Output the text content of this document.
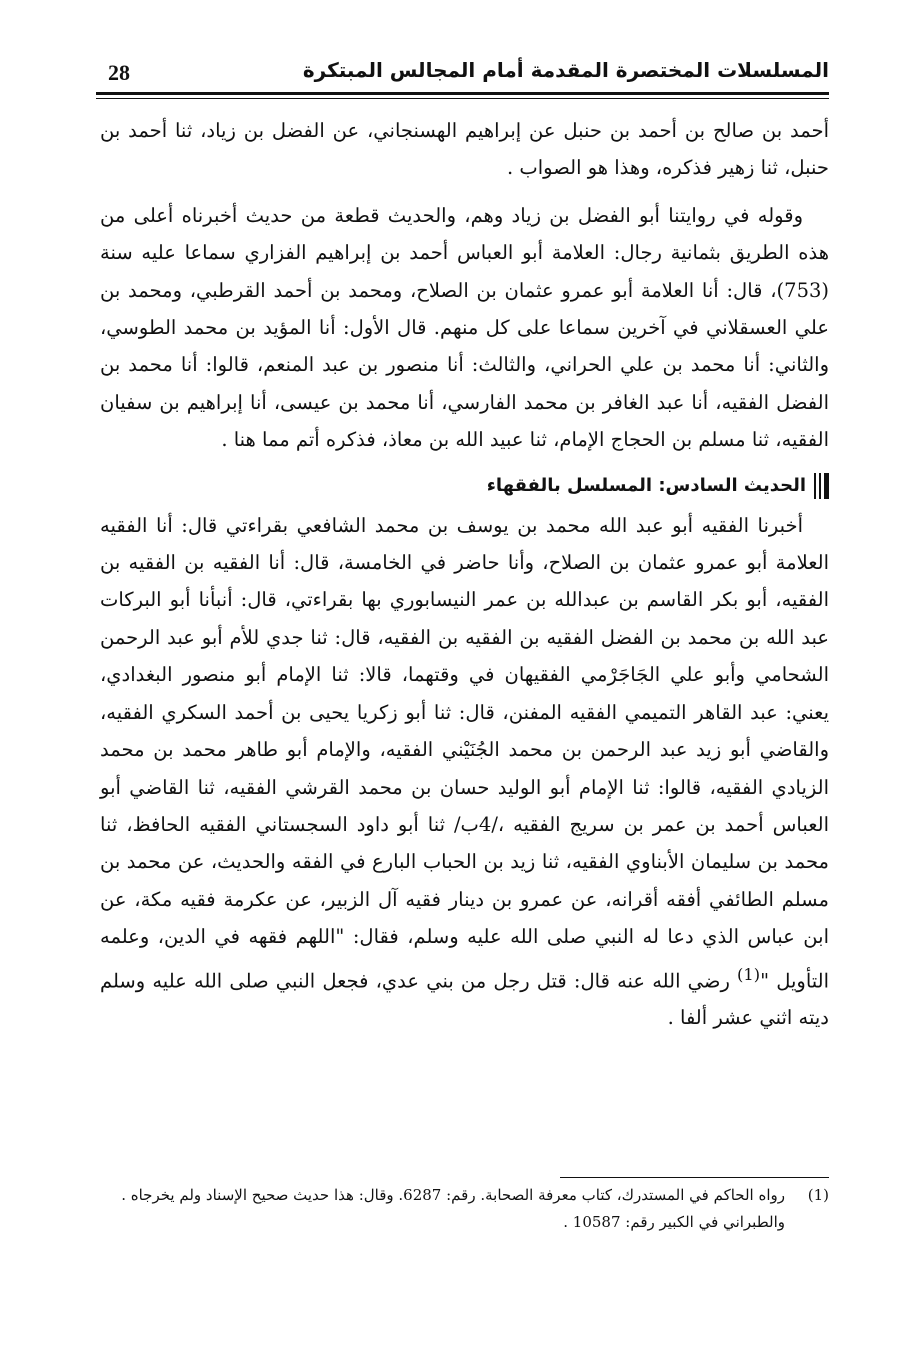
28	المسلسلات المختصرة المقدمة أمام المجالس المبتكرة

أحمد بن صالح بن أحمد بن حنبل عن إبراهيم الهسنجاني، عن الفضل بن زياد، ثنا أحمد بن حنبل، ثنا زهير فذكره، وهذا هو الصواب .

وقوله في روايتنا أبو الفضل بن زياد وهم، والحديث قطعة من حديث أخبرناه أعلى من هذه الطريق بثمانية رجال: العلامة أبو العباس أحمد بن إبراهيم الفزاري سماعا عليه سنة (753)، قال: أنا العلامة أبو عمرو عثمان بن الصلاح، ومحمد بن أحمد القرطبي، ومحمد بن علي العسقلاني في آخرين سماعا على كل منهم. قال الأول: أنا المؤيد بن محمد الطوسي، والثاني: أنا محمد بن علي الحراني، والثالث: أنا منصور بن عبد المنعم، قالوا: أنا محمد بن الفضل الفقيه، أنا عبد الغافر بن محمد الفارسي، أنا محمد بن عيسى، أنا إبراهيم بن سفيان الفقيه، ثنا مسلم بن الحجاج الإمام، ثنا عبيد الله بن معاذ، فذكره أتم مما هنا .

الحديث السادس: المسلسل بالفقهاء

أخبرنا الفقيه أبو عبد الله محمد بن يوسف بن محمد الشافعي بقراءتي قال: أنا الفقيه العلامة أبو عمرو عثمان بن الصلاح، وأنا حاضر في الخامسة، قال: أنا الفقيه بن الفقيه بن الفقيه، أبو بكر القاسم بن عبدالله بن عمر النيسابوري بها بقراءتي، قال: أنبأنا أبو البركات عبد الله بن محمد بن الفضل الفقيه بن الفقيه بن الفقيه، قال: ثنا جدي للأم أبو عبد الرحمن الشحامي وأبو علي الجَاجَرْمي الفقيهان في وقتهما، قالا: ثنا الإمام أبو منصور البغدادي، يعني: عبد القاهر التميمي الفقيه المفنن، قال: ثنا أبو زكريا يحيى بن أحمد السكري الفقيه، والقاضي أبو زيد عبد الرحمن بن محمد الجُنَيْني الفقيه، والإمام أبو طاهر محمد بن محمد الزيادي الفقيه، قالوا: ثنا الإمام أبو الوليد حسان بن محمد القرشي الفقيه، ثنا القاضي أبو العباس أحمد بن عمر بن سريج الفقيه ،/4ب/ ثنا أبو داود السجستاني الفقيه الحافظ، ثنا محمد بن سليمان الأبناوي الفقيه، ثنا زيد بن الحباب البارع في الفقه والحديث، عن محمد بن مسلم الطائفي أفقه أقرانه، عن عمرو بن دينار فقيه آل الزبير، عن عكرمة فقيه مكة، عن ابن عباس الذي دعا له النبي صلى الله عليه وسلم، فقال: "اللهم فقهه في الدين، وعلمه التأويل "$^{(1)}$ رضي الله عنه قال: قتل رجل من بني عدي، فجعل النبي صلى الله عليه وسلم ديته اثني عشر ألفا .

(1)
رواه الحاكم في المستدرك، كتاب معرفة الصحابة. رقم: 6287. وقال: هذا حديث صحيح الإسناد ولم يخرجاه .
والطبراني في الكبير رقم: 10587 .
